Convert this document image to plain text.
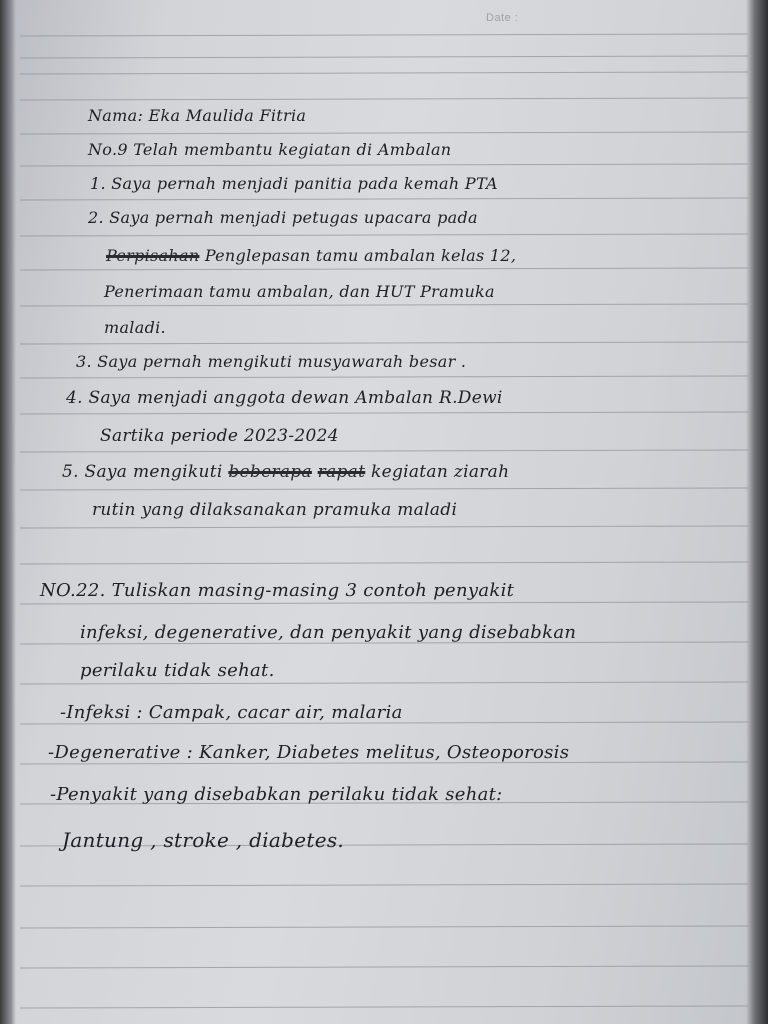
Date :
Nama: Eka Maulida Fitria
No.9 Telah membantu kegiatan di Ambalan
1. Saya pernah menjadi panitia pada kemah PTA
2. Saya pernah menjadi petugas upacara pada
Perpisahan Penglepasan tamu ambalan kelas 12,
Penerimaan tamu ambalan, dan HUT Pramuka
maladi.
3. Saya pernah mengikuti musyawarah besar .
4. Saya menjadi anggota dewan Ambalan R.Dewi
Sartika periode 2023-2024
5. Saya mengikuti beberapa rapat kegiatan ziarah
rutin yang dilaksanakan pramuka maladi
NO.22. Tuliskan masing-masing 3 contoh penyakit
infeksi, degenerative, dan penyakit yang disebabkan
perilaku tidak sehat.
-Infeksi : Campak, cacar air, malaria
-Degenerative : Kanker, Diabetes melitus, Osteoporosis
-Penyakit yang disebabkan perilaku tidak sehat:
Jantung , stroke , diabetes.
